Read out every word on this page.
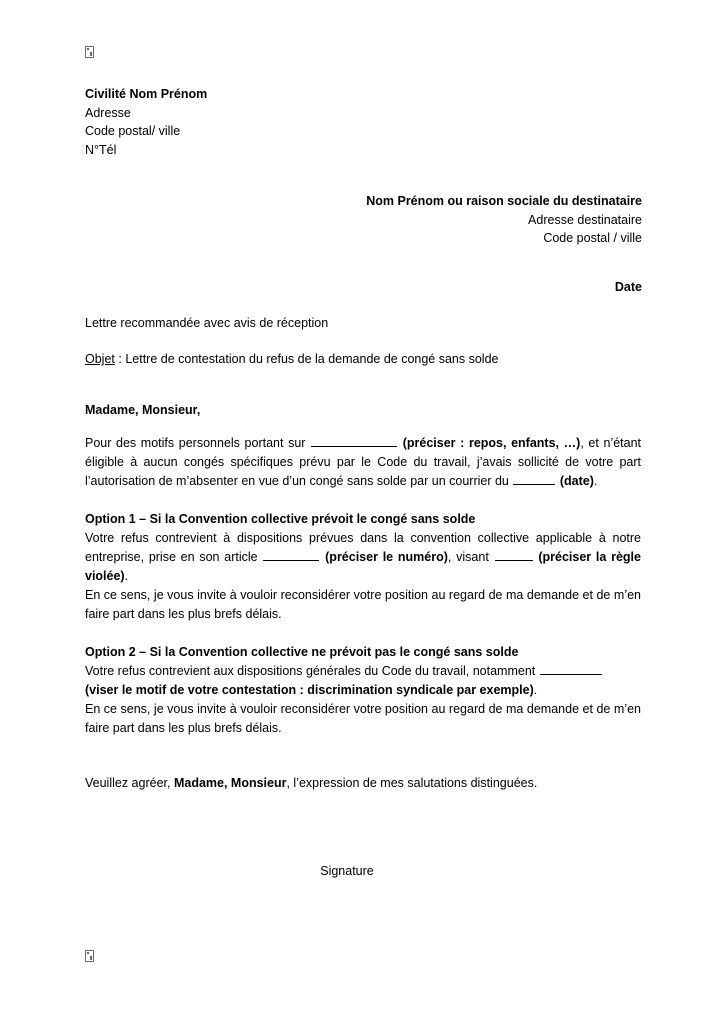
Civilité Nom Prénom
Adresse
Code postal/ ville
N°Tél
Nom Prénom ou raison sociale du destinataire
Adresse destinataire
Code postal / ville
Date
Lettre recommandée avec avis de réception
Objet : Lettre de contestation du refus de la demande de congé sans solde
Madame, Monsieur,

Pour des motifs personnels portant sur	(préciser : repos, enfants, …), et n’étant éligible à aucun congés spécifiques prévu par le Code du travail, j’avais sollicité de votre part l’autorisation de m’absenter en vue d’un congé sans solde par un courrier du	(date).

Option 1 – Si la Convention collective prévoit le congé sans solde

Votre refus contrevient à dispositions prévues dans la convention collective applicable à notre entreprise, prise en son article	(préciser le numéro), visant	(préciser la règle violée).

En ce sens, je vous invite à vouloir reconsidérer votre position au regard de ma demande et de m’en faire part dans les plus brefs délais.

Option 2 – Si la Convention collective ne prévoit pas le congé sans solde

Votre refus contrevient aux dispositions générales du Code du travail, notamment
(viser le motif de votre contestation : discrimination syndicale par exemple).

En ce sens, je vous invite à vouloir reconsidérer votre position au regard de ma demande et de m’en faire part dans les plus brefs délais.

Veuillez agréer, Madame, Monsieur, l’expression de mes salutations distinguées.
Signature
